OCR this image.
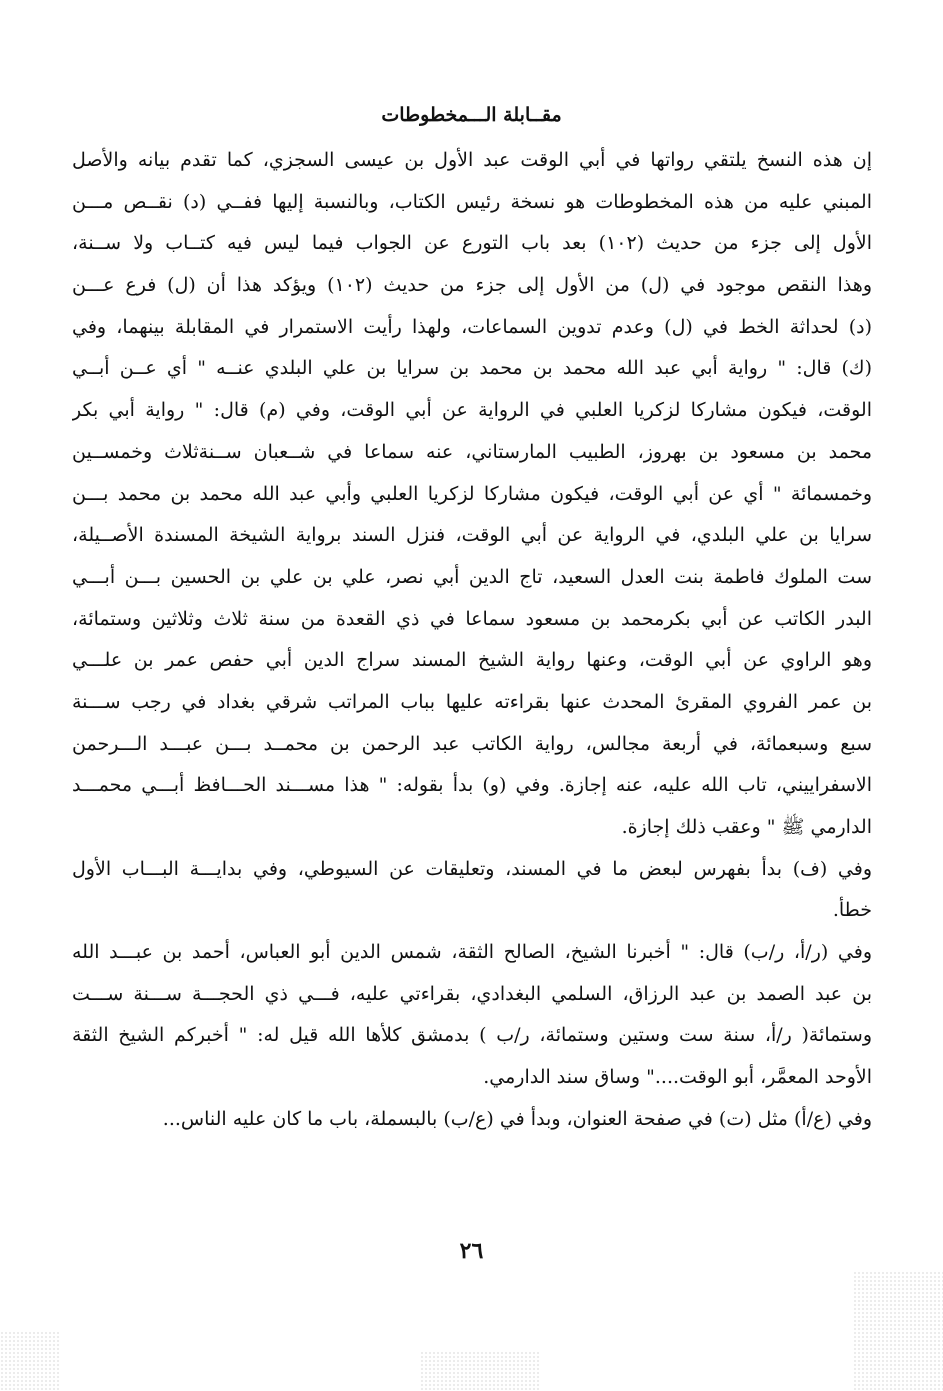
مقــابلة الـــمخطوطات
إن هذه النسخ يلتقي رواتها في أبي الوقت عبد الأول بن عيسى السجزي، كما تقدم بيانه والأصل
المبني عليه من هذه المخطوطات هو نسخة رئيس الكتاب، وبالنسبة إليها ففــي (د) نقــص مـــن
الأول إلى جزء من حديث (١٠٢) بعد باب التورع عن الجواب فيما ليس فيه كتــاب ولا ســنة،
وهذا النقص موجود في (ل) من الأول إلى جزء من حديث (١٠٢) ويؤكد هذا أن (ل) فرع عـــن
(د) لحداثة الخط في (ل) وعدم تدوين السماعات، ولهذا رأيت الاستمرار في المقابلة بينهما، وفي
(ك) قال: " رواية أبي عبد الله محمد بن محمد بن سرايا بن علي البلدي عنــه " أي عــن أبــي
الوقت، فيكون مشاركا لزكريا العلبي في الرواية عن أبي الوقت، وفي (م) قال: " رواية أبي بكر
محمد بن مسعود بن بهروز، الطبيب المارستاني، عنه سماعا في شــعبان ســنةثلاث وخمســين
وخمسمائة " أي عن أبي الوقت، فيكون مشاركا لزكريا العلبي وأبي عبد الله محمد بن محمد بـــن
سرايا بن علي البلدي، في الرواية عن أبي الوقت، فنزل السند برواية الشيخة المسندة الأصــيلة،
ست الملوك فاطمة بنت العدل السعيد، تاج الدين أبي نصر، علي بن علي بن الحسين بـــن أبـــي
البدر الكاتب عن أبي بكرمحمد بن مسعود سماعا في ذي القعدة من سنة ثلاث وثلاثين وستمائة،
وهو الراوي عن أبي الوقت، وعنها رواية الشيخ المسند سراج الدين أبي حفص عمر بن علـــي
بن عمر الفروي المقرئ المحدث عنها بقراءته عليها بباب المراتب شرقي بغداد في رجب ســـنة
سبع وسبعمائة، في أربعة مجالس، رواية الكاتب عبد الرحمن بن محمــد بـــن عبـــد الـــرحمن
الاسفراييني، تاب الله عليه، عنه إجازة. وفي (و) بدأ بقوله: " هذا مســـند الحـــافظ أبـــي محمـــد
الدارمي ﷺ " وعقب ذلك إجازة.
وفي (ف) بدأ بفهرس لبعض ما في المسند، وتعليقات عن السيوطي، وفي بدايـــة البـــاب الأول
خطأ.
وفي (ر/أ، ر/ب) قال: " أخبرنا الشيخ، الصالح الثقة، شمس الدين أبو العباس، أحمد بن عبـــد الله
بن عبد الصمد بن عبد الرزاق، السلمي البغدادي، بقراءتي عليه، فـــي ذي الحجـــة ســـنة ســـت
وستمائة( ر/أ، سنة ست وستين وستمائة، ر/ب ) بدمشق كلأها الله قيل له: " أخبركم الشيخ الثقة
الأوحد المعمَّر، أبو الوقت...." وساق سند الدارمي.
وفي (ع/أ) مثل (ت) في صفحة العنوان، وبدأ في (ع/ب) بالبسملة، باب ما كان عليه الناس...
٢٦
